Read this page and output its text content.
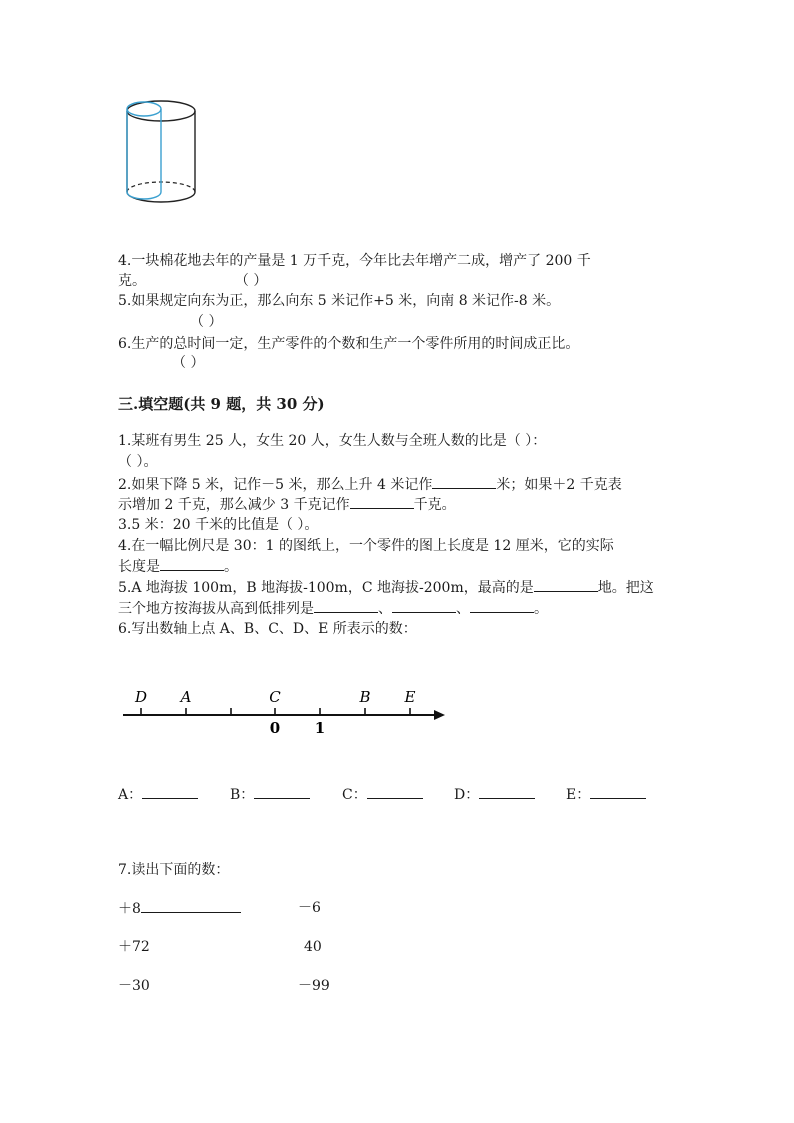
4.一块棉花地去年的产量是 1 万千克，今年比去年增产二成，增产了 200 千
克。	（ ）
5.如果规定向东为正，那么向东 5 米记作+5 米，向南 8 米记作-8 米。
（ ）
6.生产的总时间一定，生产零件的个数和生产一个零件所用的时间成正比。
（ ）
三.填空题(共 9 题，共 30 分)
1.某班有男生 25 人，女生 20 人，女生人数与全班人数的比是（ ）：
（ ）。
2.如果下降 5 米，记作－5 米，那么上升 4 米记作	米；如果＋2 千克表
示增加 2 千克，那么减少 3 千克记作	千克。
3.5 米：20 千米的比值是（ ）。
4.在一幅比例尺是 30：1 的图纸上，一个零件的图上长度是 12 厘米，它的实际
长度是	。
5.A 地海拔 100m，B 地海拔-100m，C 地海拔-200m，最高的是	地。把这
三个地方按海拔从高到低排列是	、	、	。
6.写出数轴上点 A、B、C、D、E 所表示的数：
D A	C	B E
0 1
A：	B：	C：	D：	E：
7.读出下面的数：
＋8	－6
＋72	40
－30	－99
